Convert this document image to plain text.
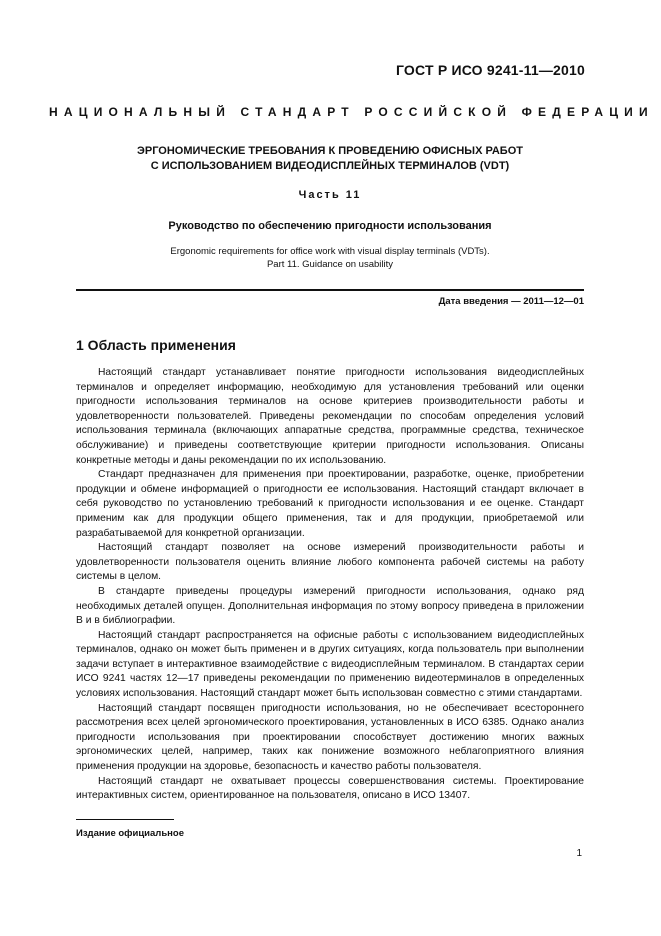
ГОСТ Р ИСО 9241-11—2010
НАЦИОНАЛЬНЫЙ СТАНДАРТ РОССИЙСКОЙ ФЕДЕРАЦИИ
ЭРГОНОМИЧЕСКИЕ ТРЕБОВАНИЯ К ПРОВЕДЕНИЮ ОФИСНЫХ РАБОТ
С ИСПОЛЬЗОВАНИЕМ ВИДЕОДИСПЛЕЙНЫХ ТЕРМИНАЛОВ (VDT)
Часть 11
Руководство по обеспечению пригодности использования
Ergonomic requirements for office work with visual display terminals (VDTs).
Part 11. Guidance on usability
Дата введения — 2011—12—01
1 Область применения

Настоящий стандарт устанавливает понятие пригодности использования видеодисплейных терминалов и определяет информацию, необходимую для установления требований или оценки пригодности использования терминалов на основе критериев производительности работы и удовлетворенности пользователей. Приведены рекомендации по способам определения условий использования терминала (включающих аппаратные средства, программные средства, техническое обслуживание) и приведены соответствующие критерии пригодности использования. Описаны конкретные методы и даны рекомендации по их использованию.

Стандарт предназначен для применения при проектировании, разработке, оценке, приобретении продукции и обмене информацией о пригодности ее использования. Настоящий стандарт включает в себя руководство по установлению требований к пригодности использования и ее оценке. Стандарт применим как для продукции общего применения, так и для продукции, приобретаемой или разрабатываемой для конкретной организации.

Настоящий стандарт позволяет на основе измерений производительности работы и удовлетворенности пользователя оценить влияние любого компонента рабочей системы на работу системы в целом.

В стандарте приведены процедуры измерений пригодности использования, однако ряд необходимых деталей опущен. Дополнительная информация по этому вопросу приведена в приложении В и в библиографии.

Настоящий стандарт распространяется на офисные работы с использованием видеодисплейных терминалов, однако он может быть применен и в других ситуациях, когда пользователь при выполнении задачи вступает в интерактивное взаимодействие с видеодисплейным терминалом. В стандартах серии ИСО 9241 частях 12—17 приведены рекомендации по применению видеотерминалов в определенных условиях использования. Настоящий стандарт может быть использован совместно с этими стандартами.

Настоящий стандарт посвящен пригодности использования, но не обеспечивает всестороннего рассмотрения всех целей эргономического проектирования, установленных в ИСО 6385. Однако анализ пригодности использования при проектировании способствует достижению многих важных эргономических целей, например, таких как понижение возможного неблагоприятного влияния применения продукции на здоровье, безопасность и качество работы пользователя.

Настоящий стандарт не охватывает процессы совершенствования системы. Проектирование интерактивных систем, ориентированное на пользователя, описано в ИСО 13407.

Издание официальное
1
